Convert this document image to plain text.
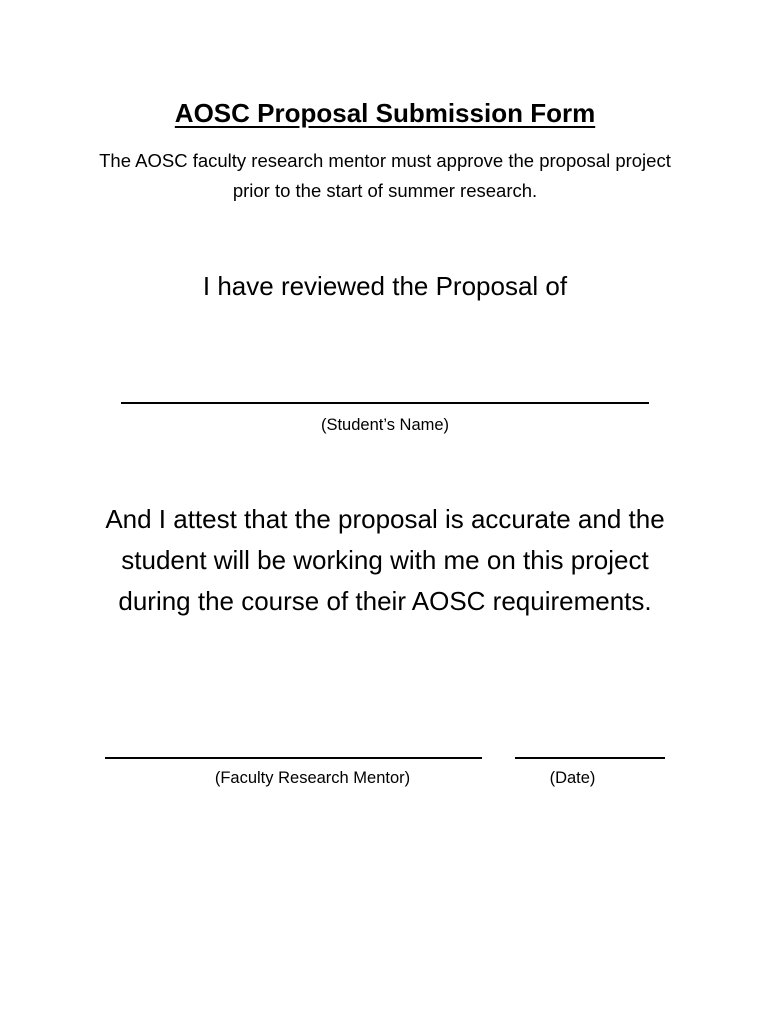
AOSC Proposal Submission Form

The AOSC faculty research mentor must approve the proposal project prior to the start of summer research.

I have reviewed the Proposal of

(Student’s Name)

And I attest that the proposal is accurate and the student will be working with me on this project during the course of their AOSC requirements.

(Faculty Research Mentor)	(Date)
